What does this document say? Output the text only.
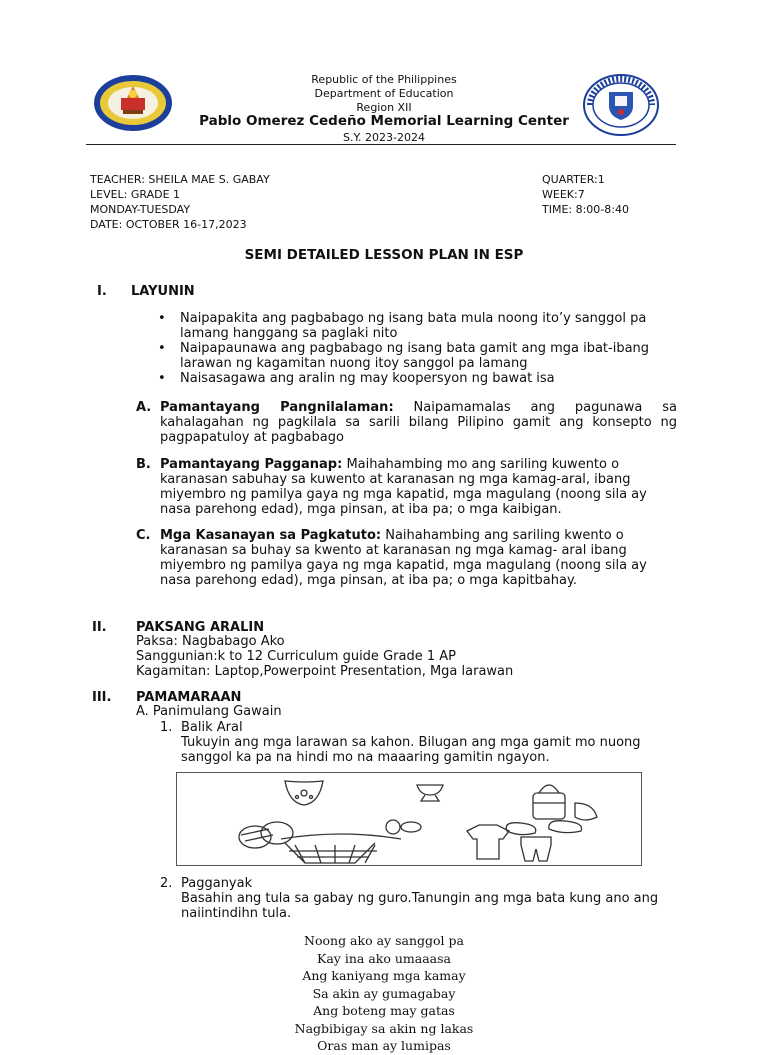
Republic of the Philippines
Department of Education
Region XII
Pablo Omerez Cedeño Memorial Learning Center
S.Y. 2023-2024
TEACHER: SHEILA MAE S. GABAY
LEVEL: GRADE 1
MONDAY-TUESDAY
DATE: OCTOBER 16-17,2023
QUARTER:1
WEEK:7
TIME: 8:00-8:40
SEMI DETAILED LESSON PLAN IN ESP
I. LAYUNIN
• Naipapakita ang pagbabago ng isang bata mula noong ito’y sanggol pa lamang hanggang sa paglaki nito
• Naipapaunawa ang pagbabago ng isang bata gamit ang mga ibat-ibang larawan ng kagamitan nuong itoy sanggol pa lamang
• Naisasagawa ang aralin ng may koopersyon ng bawat isa
A. Pamantayang Pangnilalaman: Naipamamalas ang pagunawa sa kahalagahan ng pagkilala sa sarili bilang Pilipino gamit ang konsepto ng pagpapatuloy at pagbabago
B. Pamantayang Pagganap: Maihahambing mo ang sariling kuwento o karanasan sabuhay sa kuwento at karanasan ng mga kamag-aral, ibang miyembro ng pamilya gaya ng mga kapatid, mga magulang (noong sila ay nasa parehong edad), mga pinsan, at iba pa; o mga kaibigan.
C. Mga Kasanayan sa Pagkatuto: Naihahambing ang sariling kwento o karanasan sa buhay sa kwento at karanasan ng mga kamag- aral ibang miyembro ng pamilya gaya ng mga kapatid, mga magulang (noong sila ay nasa parehong edad), mga pinsan, at iba pa; o mga kapitbahay.
II. PAKSANG ARALIN
Paksa: Nagbabago Ako
Sanggunian:k to 12 Curriculum guide Grade 1 AP
Kagamitan: Laptop,Powerpoint Presentation, Mga larawan
III. PAMAMARAAN
A. Panimulang Gawain
1. Balik Aral
Tukuyin ang mga larawan sa kahon. Bilugan ang mga gamit mo nuong sanggol ka pa na hindi mo na maaaring gamitin ngayon.
2. Pagganyak
Basahin ang tula sa gabay ng guro.Tanungin ang mga bata kung ano ang naiintindihn tula.
Noong ako ay sanggol pa
Kay ina ako umaaasa
Ang kaniyang mga kamay
Sa akin ay gumagabay
Ang boteng may gatas
Nagbibigay sa akin ng lakas
Oras man ay lumipas
